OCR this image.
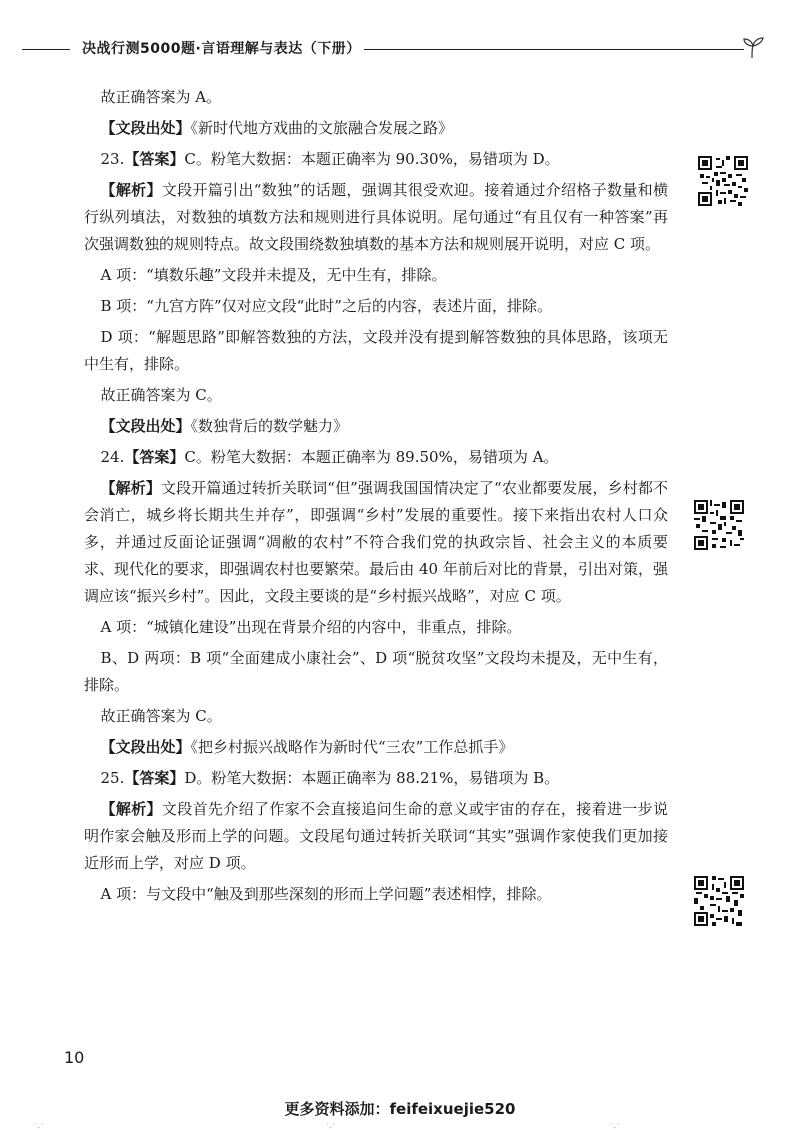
决战行测5000题·言语理解与表达（下册）

故正确答案为 A。

【文段出处】《新时代地方戏曲的文旅融合发展之路》

23.【答案】C。粉笔大数据：本题正确率为 90.30%，易错项为 D。

【解析】文段开篇引出“数独”的话题，强调其很受欢迎。接着通过介绍格子数量和横行纵列填法，对数独的填数方法和规则进行具体说明。尾句通过“有且仅有一种答案”再次强调数独的规则特点。故文段围绕数独填数的基本方法和规则展开说明，对应 C 项。

A 项：“填数乐趣”文段并未提及，无中生有，排除。

B 项：“九宫方阵”仅对应文段“此时”之后的内容，表述片面，排除。

D 项：“解题思路”即解答数独的方法，文段并没有提到解答数独的具体思路，该项无中生有，排除。

故正确答案为 C。

【文段出处】《数独背后的数学魅力》

24.【答案】C。粉笔大数据：本题正确率为 89.50%，易错项为 A。

【解析】文段开篇通过转折关联词“但”强调我国国情决定了“农业都要发展，乡村都不会消亡，城乡将长期共生并存”，即强调“乡村”发展的重要性。接下来指出农村人口众多，并通过反面论证强调“凋敝的农村”不符合我们党的执政宗旨、社会主义的本质要求、现代化的要求，即强调农村也要繁荣。最后由 40 年前后对比的背景，引出对策，强调应该“振兴乡村”。因此，文段主要谈的是“乡村振兴战略”，对应 C 项。

A 项：“城镇化建设”出现在背景介绍的内容中，非重点，排除。

B、D 两项：B 项“全面建成小康社会”、D 项“脱贫攻坚”文段均未提及，无中生有，排除。

故正确答案为 C。

【文段出处】《把乡村振兴战略作为新时代“三农”工作总抓手》

25.【答案】D。粉笔大数据：本题正确率为 88.21%，易错项为 B。

【解析】文段首先介绍了作家不会直接追问生命的意义或宇宙的存在，接着进一步说明作家会触及形而上学的问题。文段尾句通过转折关联词“其实”强调作家使我们更加接近形而上学，对应 D 项。

A 项：与文段中“触及到那些深刻的形而上学问题”表述相悖，排除。

10
更多资料添加：feifeixuejie520
·ˍ·	·ˍ·	·ˍ·
